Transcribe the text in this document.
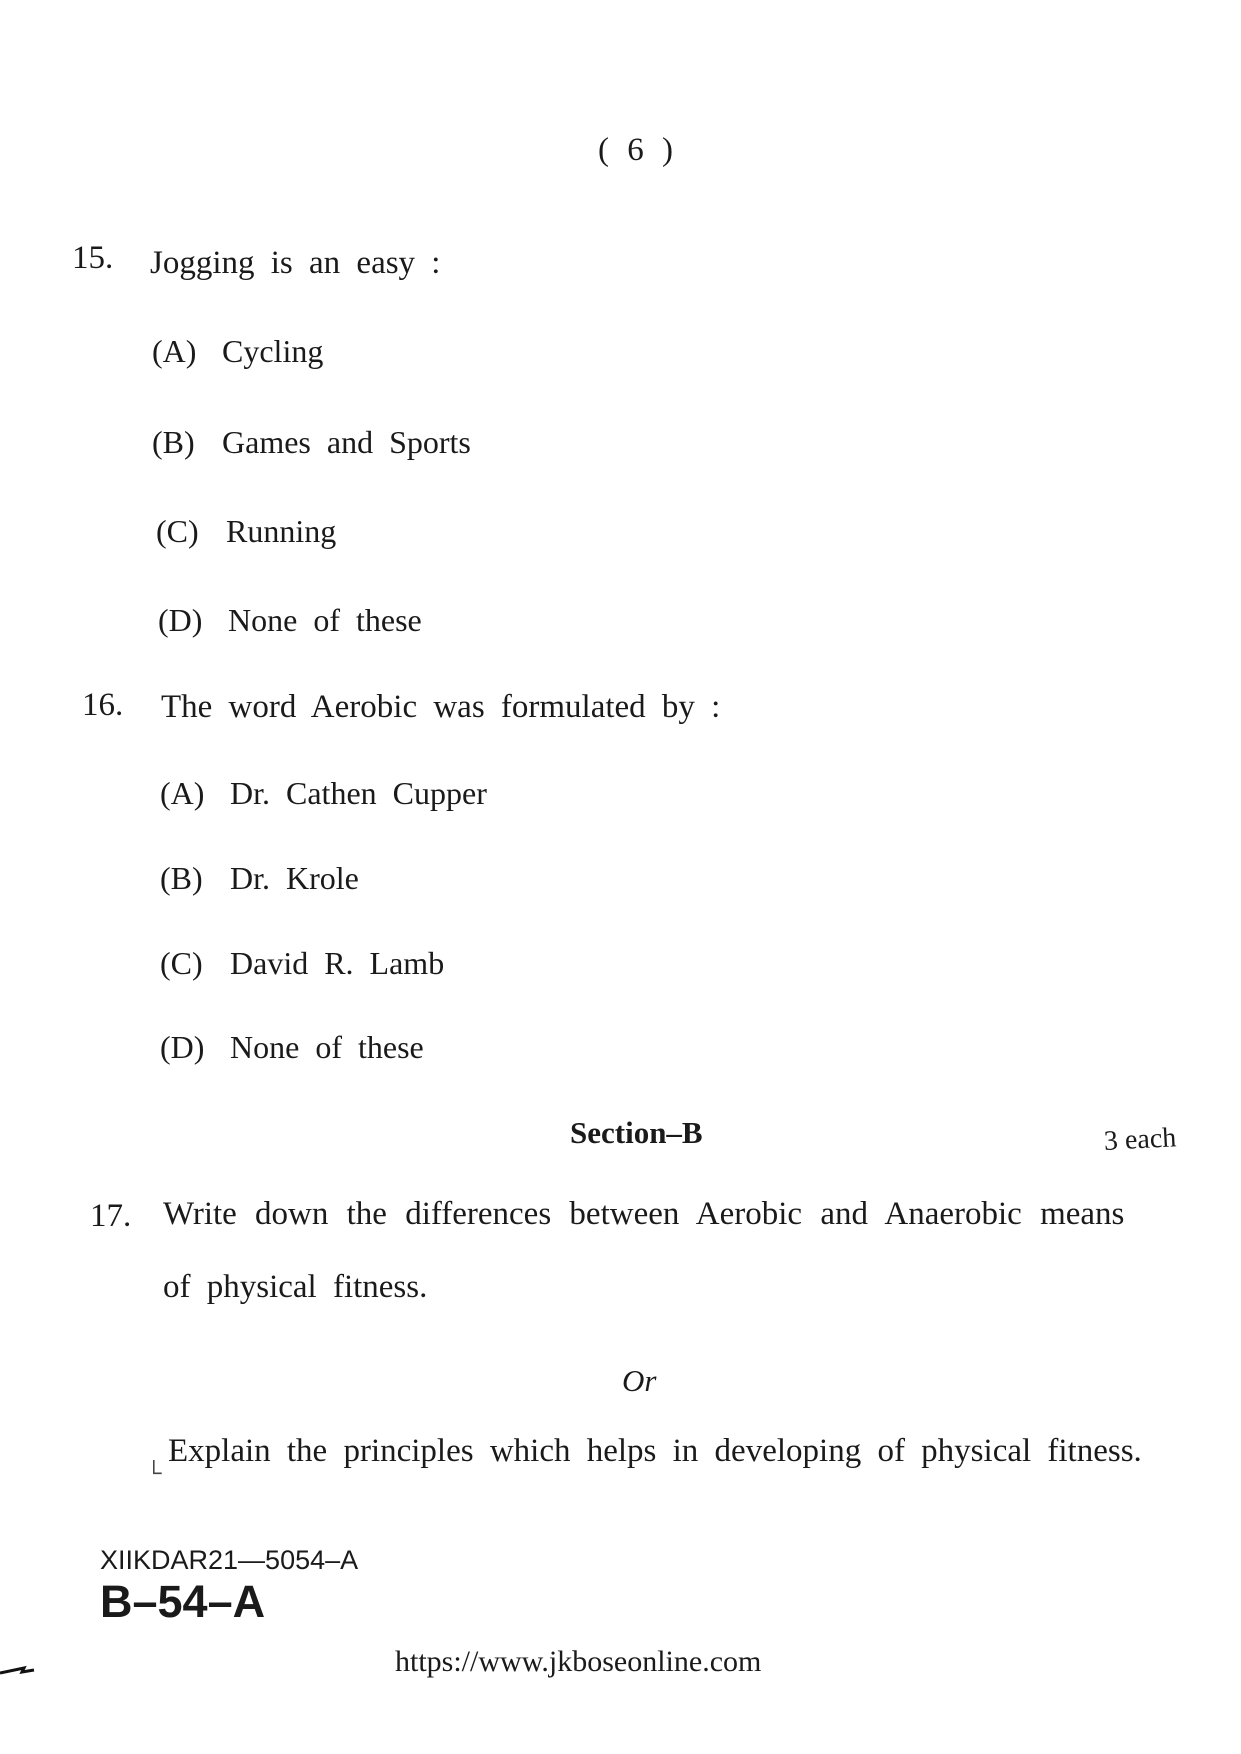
( 6 )
15. Jogging is an easy :
(A) Cycling
(B) Games and Sports
(C) Running
(D) None of these
16. The word Aerobic was formulated by :
(A) Dr. Cathen Cupper
(B) Dr. Krole
(C) David R. Lamb
(D) None of these
Section–B	3 each
17. Write down the differences between Aerobic and Anaerobic means
of physical fitness.
Or
└
Explain the principles which helps in developing of physical fitness.
XIIKDAR21—5054–A
B–54–A
https://www.jkboseonline.com
